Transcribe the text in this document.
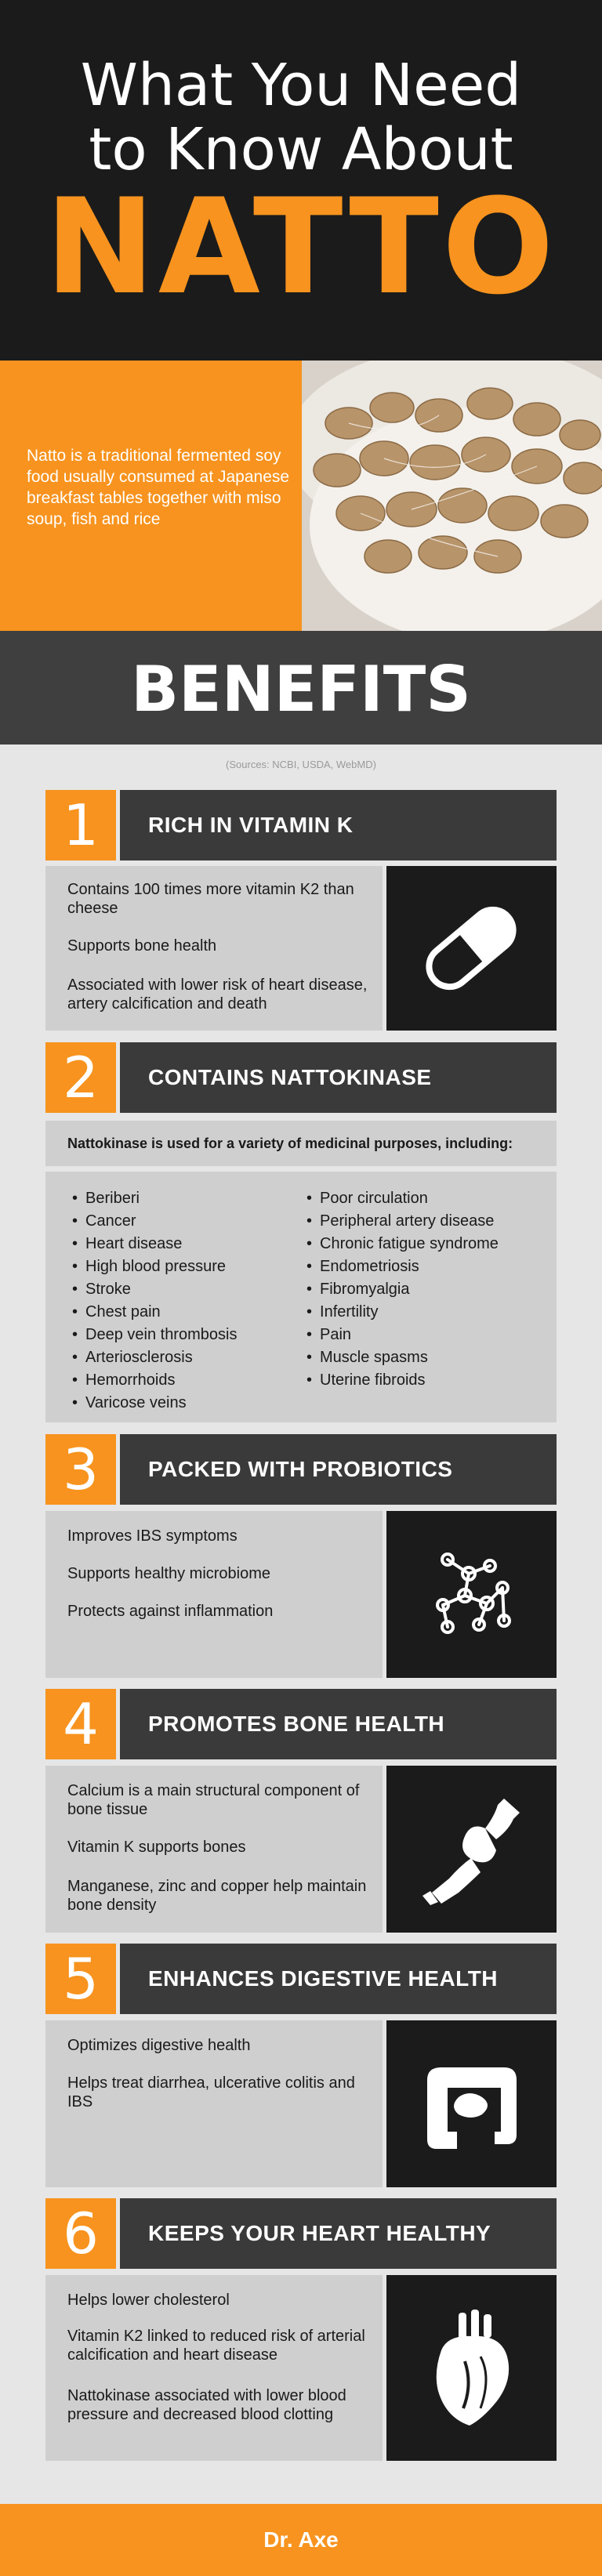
What You Need
to Know About
NATTO
Natto is a traditional fermented soy food usually consumed at Japanese breakfast tables together with miso soup, fish and rice
BENEFITS
(Sources: NCBI, USDA, WebMD)
1	RICH IN VITAMIN K
Contains 100 times more vitamin K2 than cheese
Supports bone health
Associated with lower risk of heart disease, artery calcification and death
2	CONTAINS NATTOKINASE
Nattokinase is used for a variety of medicinal purposes, including:
• Beriberi
• Cancer
• Heart disease
• High blood pressure
• Stroke
• Chest pain
• Deep vein thrombosis
• Arteriosclerosis
• Hemorrhoids
• Varicose veins
• Poor circulation
• Peripheral artery disease
• Chronic fatigue syndrome
• Endometriosis
• Fibromyalgia
• Infertility
• Pain
• Muscle spasms
• Uterine fibroids
3	PACKED WITH PROBIOTICS
Improves IBS symptoms
Supports healthy microbiome
Protects against inflammation
4	PROMOTES BONE HEALTH
Calcium is a main structural component of bone tissue
Vitamin K supports bones
Manganese, zinc and copper help maintain bone density
5	ENHANCES DIGESTIVE HEALTH
Optimizes digestive health
Helps treat diarrhea, ulcerative colitis and IBS
6	KEEPS YOUR HEART HEALTHY
Helps lower cholesterol
Vitamin K2 linked to reduced risk of arterial calcification and heart disease
Nattokinase associated with lower blood pressure and decreased blood clotting
Dr. Axe
